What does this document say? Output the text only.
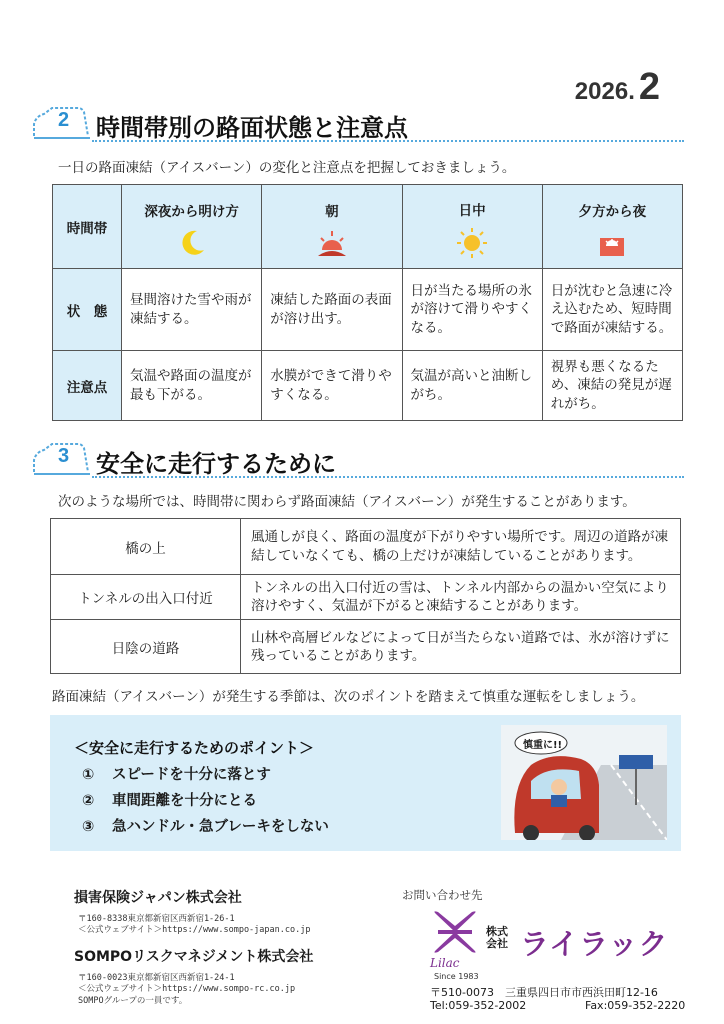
2026. 2
2 時間帯別の路面状態と注意点
一日の路面凍結（アイスバーン）の変化と注意点を把握しておきましょう。
時間帯	深夜から明け方	朝	日中	夕方から夜

状　態	昼間溶けた雪や雨が凍結する。	凍結した路面の表面が溶け出す。	日が当たる場所の氷が溶けて滑りやすくなる。	日が沈むと急速に冷え込むため、短時間で路面が凍結する。
注意点	気温や路面の温度が最も下がる。	水膜ができて滑りやすくなる。	気温が高いと油断しがち。	視界も悪くなるため、凍結の発見が遅れがち。
3 安全に走行するために
次のような場所では、時間帯に関わらず路面凍結（アイスバーン）が発生することがあります。
橋の上	風通しが良く、路面の温度が下がりやすい場所です。周辺の道路が凍結していなくても、橋の上だけが凍結していることがあります。
トンネルの出入口付近	トンネルの出入口付近の雪は、トンネル内部からの温かい空気により溶けやすく、気温が下がると凍結することがあります。
日陰の道路	山林や高層ビルなどによって日が当たらない道路では、氷が溶けずに残っていることがあります。
路面凍結（アイスバーン）が発生する季節は、次のポイントを踏まえて慎重な運転をしましょう。
＜安全に走行するためのポイント＞
① スピードを十分に落とす
② 車間距離を十分にとる
③ 急ハンドル・急ブレーキをしない
慎重に!!
損害保険ジャパン株式会社
〒160-8338東京都新宿区西新宿1-26-1
＜公式ウェブサイト＞https://www.sompo-japan.co.jp
SOMPOリスクマネジメント株式会社
〒160-0023東京都新宿区西新宿1-24-1
＜公式ウェブサイト＞https://www.sompo-rc.co.jp
SOMPOグループの一員です。
お問い合わせ先
株式会社 ライラック
Lilac
Since 1983
〒510-0073　三重県四日市市西浜田町12-16
Tel:059-352-2002	Fax:059-352-2220
